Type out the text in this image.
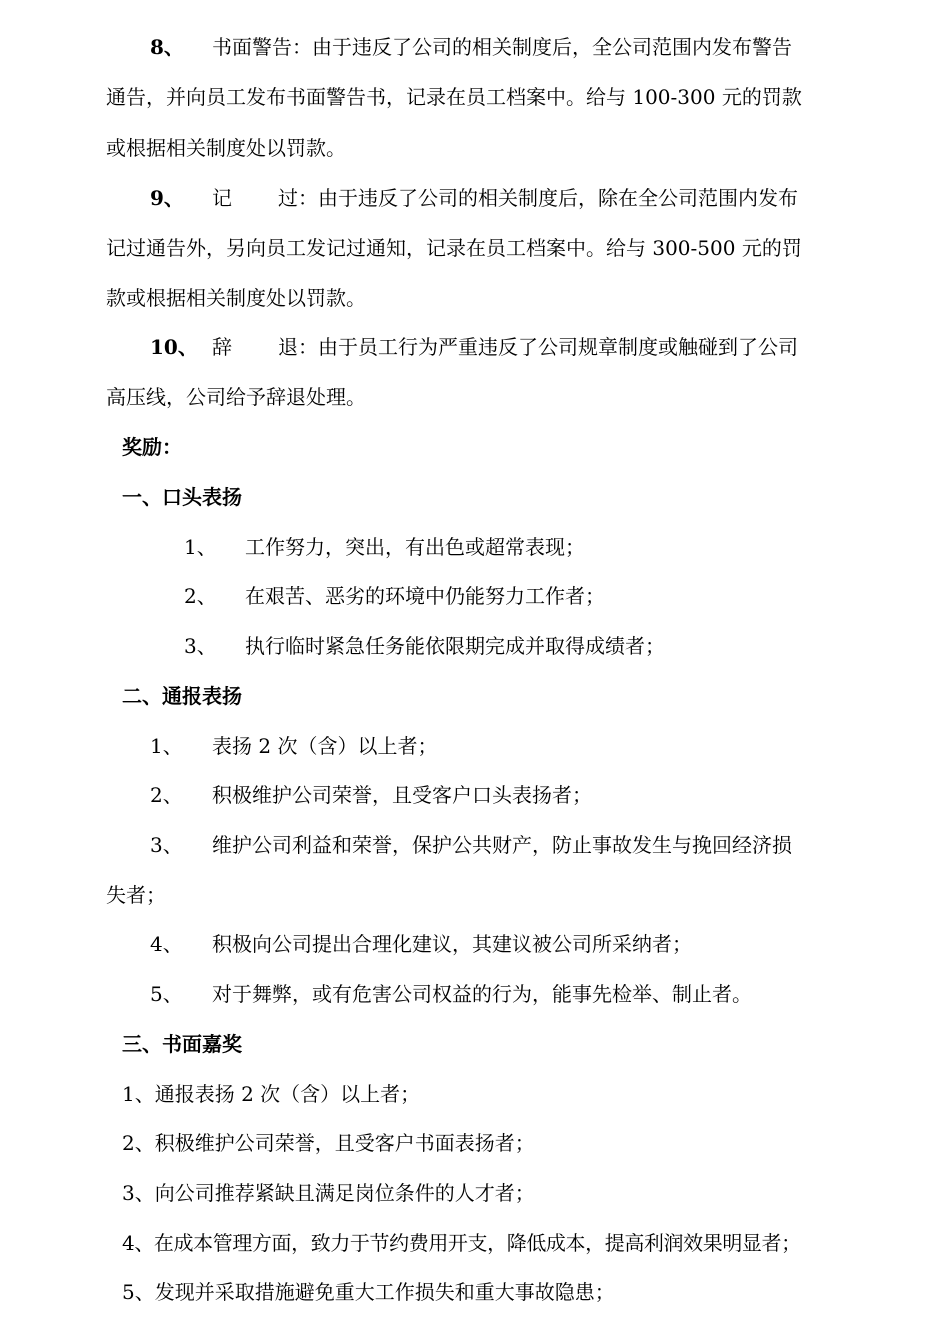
8、 书面警告：由于违反了公司的相关制度后，全公司范围内发布警告
通告，并向员工发布书面警告书，记录在员工档案中。给与 100-300 元的罚款
或根据相关制度处以罚款。
9、 记 过：由于违反了公司的相关制度后，除在全公司范围内发布
记过通告外，另向员工发记过通知，记录在员工档案中。给与 300-500 元的罚
款或根据相关制度处以罚款。
10、 辞 退：由于员工行为严重违反了公司规章制度或触碰到了公司
高压线，公司给予辞退处理。
奖励：
一、口头表扬
1、 工作努力，突出，有出色或超常表现；
2、 在艰苦、恶劣的环境中仍能努力工作者；
3、 执行临时紧急任务能依限期完成并取得成绩者；
二、通报表扬
1、 表扬 2 次（含）以上者；
2、 积极维护公司荣誉，且受客户口头表扬者；
3、 维护公司利益和荣誉，保护公共财产，防止事故发生与挽回经济损
失者；
4、 积极向公司提出合理化建议，其建议被公司所采纳者；
5、 对于舞弊，或有危害公司权益的行为，能事先检举、制止者。
三、书面嘉奖
1、通报表扬 2 次（含）以上者；
2、积极维护公司荣誉，且受客户书面表扬者；
3、向公司推荐紧缺且满足岗位条件的人才者；
4、在成本管理方面，致力于节约费用开支，降低成本，提高利润效果明显者；
5、发现并采取措施避免重大工作损失和重大事故隐患；
